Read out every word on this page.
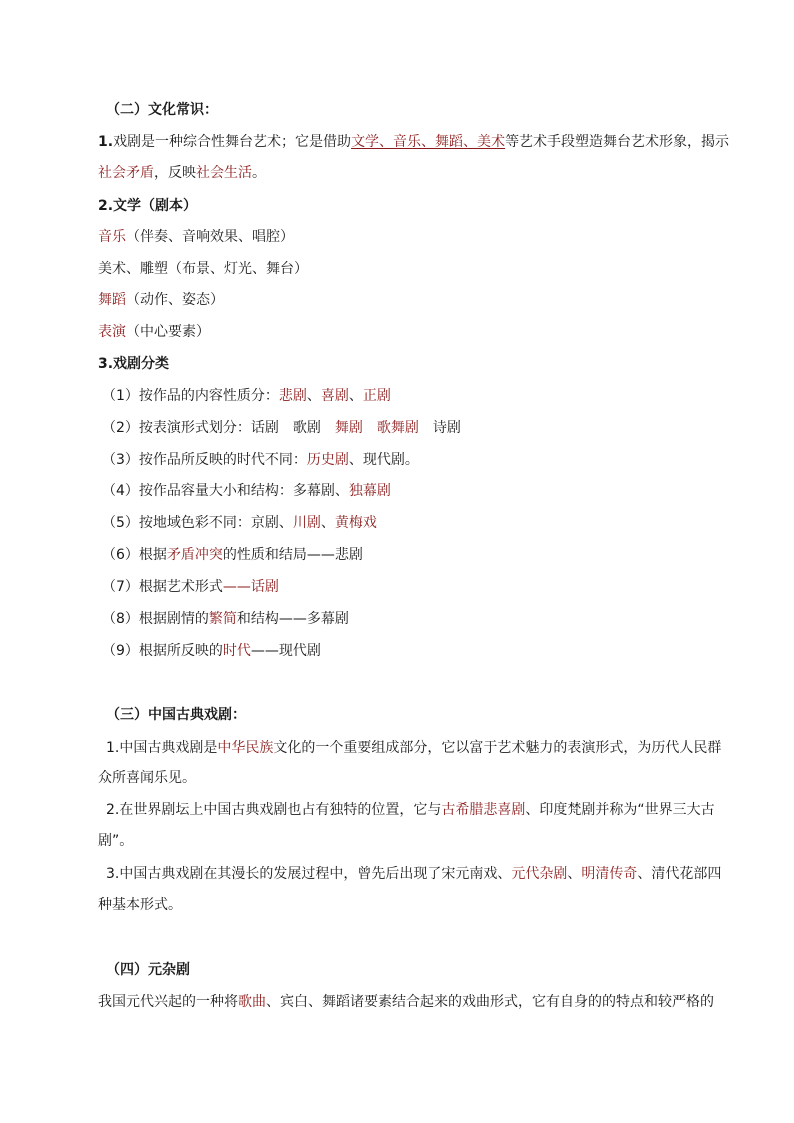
（二）文化常识：
1.戏剧是一种综合性舞台艺术；它是借助文学、音乐、舞蹈、美术等艺术手段塑造舞台艺术形象，揭示
社会矛盾，反映社会生活。
2.文学（剧本）
音乐（伴奏、音响效果、唱腔）
美术、雕塑（布景、灯光、舞台）
舞蹈（动作、姿态）
表演（中心要素）
3.戏剧分类
（1）按作品的内容性质分：悲剧、喜剧、正剧
（2）按表演形式划分：话剧 歌剧 舞剧 歌舞剧 诗剧
（3）按作品所反映的时代不同：历史剧、现代剧。
（4）按作品容量大小和结构：多幕剧、独幕剧
（5）按地域色彩不同：京剧、川剧、黄梅戏
（6）根据矛盾冲突的性质和结局——悲剧
（7）根据艺术形式——话剧
（8）根据剧情的繁简和结构——多幕剧
（9）根据所反映的时代——现代剧
（三）中国古典戏剧：
1.中国古典戏剧是中华民族文化的一个重要组成部分，它以富于艺术魅力的表演形式，为历代人民群
众所喜闻乐见。
2.在世界剧坛上中国古典戏剧也占有独特的位置，它与古希腊悲喜剧、印度梵剧并称为“世界三大古
剧”。
3.中国古典戏剧在其漫长的发展过程中，曾先后出现了宋元南戏、元代杂剧、明清传奇、清代花部四
种基本形式。
（四）元杂剧
我国元代兴起的一种将歌曲、宾白、舞蹈诸要素结合起来的戏曲形式，它有自身的的特点和较严格的
